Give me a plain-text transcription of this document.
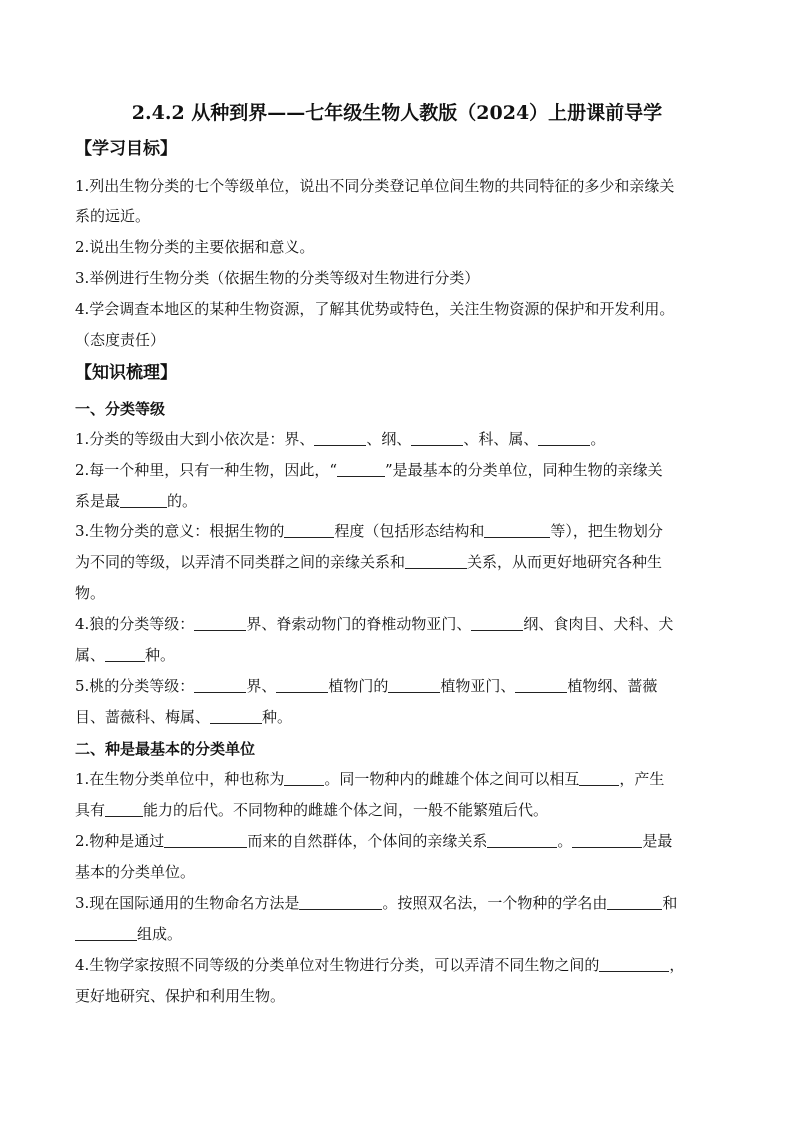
2.4.2 从种到界——七年级生物人教版（2024）上册课前导学
【学习目标】
1.列出生物分类的七个等级单位，说出不同分类登记单位间生物的共同特征的多少和亲缘关
系的远近。
2.说出生物分类的主要依据和意义。
3.举例进行生物分类（依据生物的分类等级对生物进行分类）
4.学会调查本地区的某种生物资源，了解其优势或特色，关注生物资源的保护和开发利用。
（态度责任）
【知识梳理】
一、分类等级
1.分类的等级由大到小依次是：界、	、纲、	、科、属、	。
2.每一个种里，只有一种生物，因此，“	”是最基本的分类单位，同种生物的亲缘关
系是最	的。
3.生物分类的意义：根据生物的	程度（包括形态结构和	等），把生物划分
为不同的等级，以弄清不同类群之间的亲缘关系和	关系，从而更好地研究各种生
物。
4.狼的分类等级：	界、脊索动物门的脊椎动物亚门、	纲、食肉目、犬科、犬
属、	种。
5.桃的分类等级：	界、	植物门的	植物亚门、	植物纲、蔷薇
目、蔷薇科、梅属、	种。
二、种是最基本的分类单位
1.在生物分类单位中，种也称为	。同一物种内的雌雄个体之间可以相互	，产生
具有	能力的后代。不同物种的雌雄个体之间，一般不能繁殖后代。
2.物种是通过	而来的自然群体，个体间的亲缘关系	。	是最
基本的分类单位。
3.现在国际通用的生物命名方法是	。按照双名法，一个物种的学名由	和
组成。
4.生物学家按照不同等级的分类单位对生物进行分类，可以弄清不同生物之间的	，
更好地研究、保护和利用生物。
